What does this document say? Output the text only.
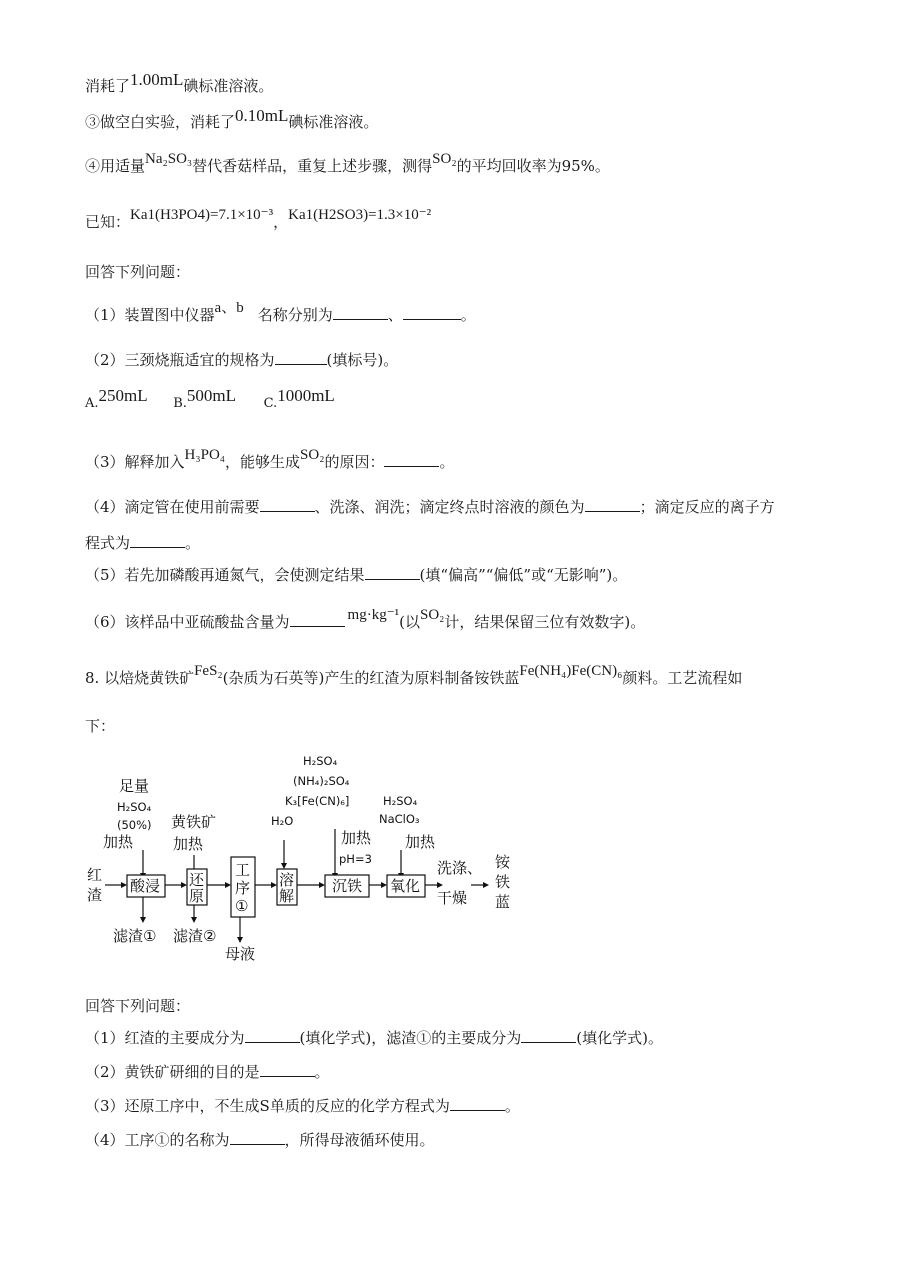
消耗了1.00mL碘标准溶液。
③做空白实验，消耗了0.10mL碘标准溶液。
④用适量Na₂SO₃替代香菇样品，重复上述步骤，测得SO₂的平均回收率为95%。
已知：Ka1(H3PO4)=7.1×10⁻³，Ka1(H2SO3)=1.3×10⁻²
回答下列问题：
（1）装置图中仪器a、b 名称分别为	、	。
（2）三颈烧瓶适宜的规格为	(填标号)。
A.250mL B.500mL C.1000mL
（3）解释加入H₃PO₄，能够生成SO₂的原因：	。
（4）滴定管在使用前需要	、洗涤、润洗；滴定终点时溶液的颜色为	；滴定反应的离子方
程式为	。
（5）若先加磷酸再通氮气，会使测定结果	(填“偏高”“偏低”或“无影响”)。
（6）该样品中亚硫酸盐含量为	mg·kg⁻¹(以SO₂计，结果保留三位有效数字)。
8. 以焙烧黄铁矿FeS₂(杂质为石英等)产生的红渣为原料制备铵铁蓝Fe(NH₄)Fe(CN)₆颜料。工艺流程如
下：
足量
H₂SO₄
(50%)
加热
黄铁矿
加热
H₂O
H₂SO₄
(NH₄)₂SO₄
K₃[Fe(CN)₆]
加热
pH=3
H₂SO₄
NaClO₃
加热
红
渣 酸浸 还
原
工
序
①
溶
解
沉铁 氧化
洗涤、
干燥
铵
铁
蓝
滤渣① 滤渣②
母液
回答下列问题：
（1）红渣的主要成分为	(填化学式)，滤渣①的主要成分为	(填化学式)。
（2）黄铁矿研细的目的是	。
（3）还原工序中，不生成S单质的反应的化学方程式为	。
（4）工序①的名称为	，所得母液循环使用。
